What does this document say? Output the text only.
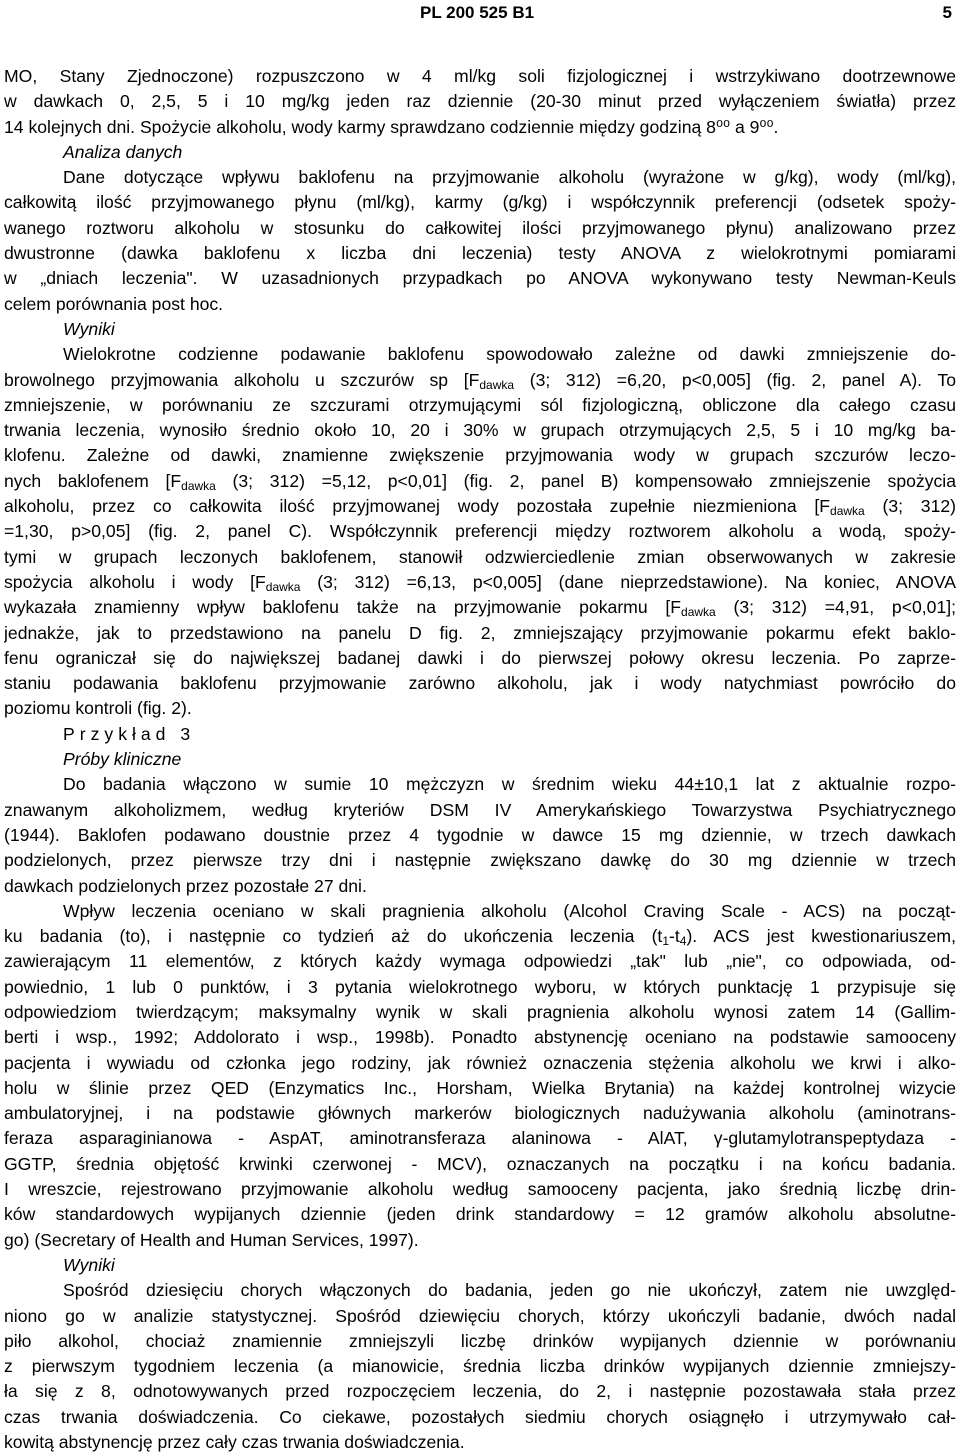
PL 200 525 B1	5
MO, Stany Zjednoczone) rozpuszczono w 4 ml/kg soli fizjologicznej i wstrzykiwano dootrzewnowe
w dawkach 0, 2,5, 5 i 10 mg/kg jeden raz dziennie (20-30 minut przed wyłączeniem światła) przez
14 kolejnych dni. Spożycie alkoholu, wody karmy sprawdzano codziennie między godziną 8⁰⁰ a 9⁰⁰.
Analiza danych
Dane dotyczące wpływu baklofenu na przyjmowanie alkoholu (wyrażone w g/kg), wody (ml/kg),
całkowitą ilość przyjmowanego płynu (ml/kg), karmy (g/kg) i współczynnik preferencji (odsetek spoży-
wanego roztworu alkoholu w stosunku do całkowitej ilości przyjmowanego płynu) analizowano przez
dwustronne (dawka baklofenu x liczba dni leczenia) testy ANOVA z wielokrotnymi pomiarami
w „dniach leczenia". W uzasadnionych przypadkach po ANOVA wykonywano testy Newman-Keuls
celem porównania post hoc.
Wyniki
Wielokrotne codzienne podawanie baklofenu spowodowało zależne od dawki zmniejszenie do-
browolnego przyjmowania alkoholu u szczurów sp [$F_{dawka}$ (3; 312) =6,20, p<0,005] (fig. 2, panel A). To
zmniejszenie, w porównaniu ze szczurami otrzymującymi sól fizjologiczną, obliczone dla całego czasu
trwania leczenia, wynosiło średnio około 10, 20 i 30% w grupach otrzymujących 2,5, 5 i 10 mg/kg ba-
klofenu. Zależne od dawki, znamienne zwiększenie przyjmowania wody w grupach szczurów leczo-
nych baklofenem [$F_{dawka}$ (3; 312) =5,12, p<0,01] (fig. 2, panel B) kompensowało zmniejszenie spożycia
alkoholu, przez co całkowita ilość przyjmowanej wody pozostała zupełnie niezmieniona [$F_{dawka}$ (3; 312)
=1,30, p>0,05] (fig. 2, panel C). Współczynnik preferencji między roztworem alkoholu a wodą, spoży-
tymi w grupach leczonych baklofenem, stanowił odzwierciedlenie zmian obserwowanych w zakresie
spożycia alkoholu i wody [$F_{dawka}$ (3; 312) =6,13, p<0,005] (dane nieprzedstawione). Na koniec, ANOVA
wykazała znamienny wpływ baklofenu także na przyjmowanie pokarmu [$F_{dawka}$ (3; 312) =4,91, p<0,01];
jednakże, jak to przedstawiono na panelu D fig. 2, zmniejszający przyjmowanie pokarmu efekt baklo-
fenu ograniczał się do największej badanej dawki i do pierwszej połowy okresu leczenia. Po zaprze-
staniu podawania baklofenu przyjmowanie zarówno alkoholu, jak i wody natychmiast powróciło do
poziomu kontroli (fig. 2).
Przykład 3
Próby kliniczne
Do badania włączono w sumie 10 mężczyzn w średnim wieku 44±10,1 lat z aktualnie rozpo-
znawanym alkoholizmem, według kryteriów DSM IV Amerykańskiego Towarzystwa Psychiatrycznego
(1944). Baklofen podawano doustnie przez 4 tygodnie w dawce 15 mg dziennie, w trzech dawkach
podzielonych, przez pierwsze trzy dni i następnie zwiększano dawkę do 30 mg dziennie w trzech
dawkach podzielonych przez pozostałe 27 dni.
Wpływ leczenia oceniano w skali pragnienia alkoholu (Alcohol Craving Scale - ACS) na począt-
ku badania (to), i następnie co tydzień aż do ukończenia leczenia $(t_1-t_4)$. ACS jest kwestionariuszem,
zawierającym 11 elementów, z których każdy wymaga odpowiedzi „tak" lub „nie", co odpowiada, od-
powiednio, 1 lub 0 punktów, i 3 pytania wielokrotnego wyboru, w których punktację 1 przypisuje się
odpowiedziom twierdzącym; maksymalny wynik w skali pragnienia alkoholu wynosi zatem 14 (Gallim-
berti i wsp., 1992; Addolorato i wsp., 1998b). Ponadto abstynencję oceniano na podstawie samooceny
pacjenta i wywiadu od członka jego rodziny, jak również oznaczenia stężenia alkoholu we krwi i alko-
holu w ślinie przez QED (Enzymatics Inc., Horsham, Wielka Brytania) na każdej kontrolnej wizycie
ambulatoryjnej, i na podstawie głównych markerów biologicznych nadużywania alkoholu (aminotrans-
feraza asparaginianowa - AspAT, aminotransferaza alaninowa - AlAT, γ-glutamylotranspeptydaza -
GGTP, średnia objętość krwinki czerwonej - MCV), oznaczanych na początku i na końcu badania.
I wreszcie, rejestrowano przyjmowanie alkoholu według samooceny pacjenta, jako średnią liczbę drin-
ków standardowych wypijanych dziennie (jeden drink standardowy = 12 gramów alkoholu absolutne-
go) (Secretary of Health and Human Services, 1997).
Wyniki
Spośród dziesięciu chorych włączonych do badania, jeden go nie ukończył, zatem nie uwzględ-
niono go w analizie statystycznej. Spośród dziewięciu chorych, którzy ukończyli badanie, dwóch nadal
piło alkohol, chociaż znamiennie zmniejszyli liczbę drinków wypijanych dziennie w porównaniu
z pierwszym tygodniem leczenia (a mianowicie, średnia liczba drinków wypijanych dziennie zmniejszy-
ła się z 8, odnotowywanych przed rozpoczęciem leczenia, do 2, i następnie pozostawała stała przez
czas trwania doświadczenia. Co ciekawe, pozostałych siedmiu chorych osiągnęło i utrzymywało cał-
kowitą abstynencję przez cały czas trwania doświadczenia.
